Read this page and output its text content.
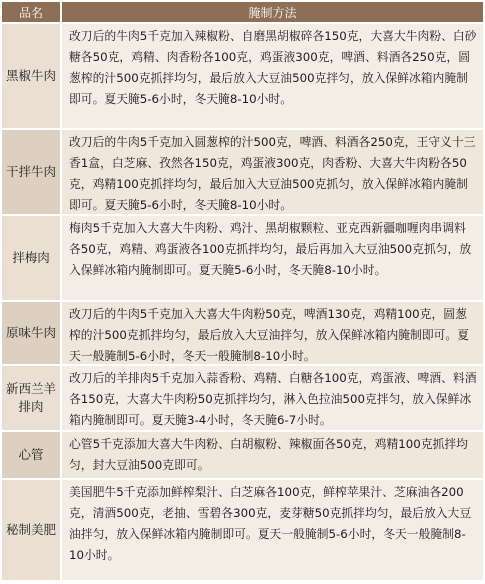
品名	腌制方法
黑椒牛肉
改刀后的牛肉5千克加入辣椒粉、自磨黑胡椒碎各150克，大喜大牛肉粉、白砂糖各50克，鸡精、肉香粉各100克，鸡蛋液300克，啤酒、料酒各250克，圆葱榨的汁500克抓拌均匀，最后放入大豆油500克拌匀，放入保鲜冰箱内腌制即可。夏天腌5-6小时，冬天腌8-10小时。
干拌牛肉
改刀后的牛肉5千克加入圆葱榨的汁500克，啤酒、料酒各250克，王守义十三香1盒，白芝麻、孜然各150克，鸡蛋液300克，肉香粉、大喜大牛肉粉各50克，鸡精100克抓拌均匀，最后加入大豆油500克抓匀，放入保鲜冰箱内腌制即可。夏天腌5-6小时，冬天腌8-10小时。
拌梅肉
梅肉5千克加入大喜大牛肉粉、鸡汁、黑胡椒颗粒、亚克西新疆咖喱肉串调料各50克，鸡精、鸡蛋液各100克抓拌均匀，最后再加入大豆油500克抓匀，放入保鲜冰箱内腌制即可。夏天腌5-6小时，冬天腌8-10小时。
原味牛肉
改刀后的牛肉5千克加入大喜大牛肉粉50克，啤酒130克，鸡精100克，圆葱榨的汁500克抓拌均匀，最后放入大豆油拌匀，放入保鲜冰箱内腌制即可。夏天一般腌制5-6小时，冬天一般腌制8-10小时。
新西兰羊排肉
改刀后的羊排肉5千克加入蒜香粉、鸡精、白糖各100克，鸡蛋液、啤酒、料酒各150克，大喜大牛肉粉50克抓拌均匀，淋入色拉油500克拌匀，放入保鲜冰箱内腌制即可。夏天腌3-4小时，冬天腌6-7小时。
心管
心管5千克添加大喜大牛肉粉、白胡椒粉、辣椒面各50克，鸡精100克抓拌均匀，封大豆油500克即可。
秘制美肥
美国肥牛5千克添加鲜榨梨汁、白芝麻各100克，鲜榨苹果汁、芝麻油各200克，清酒500克，老抽、雪碧各300克，麦芽糖50克抓拌均匀，最后放入大豆油拌匀，放入保鲜冰箱内腌制即可。夏天一般腌制5-6小时，冬天一般腌制8-10小时。
